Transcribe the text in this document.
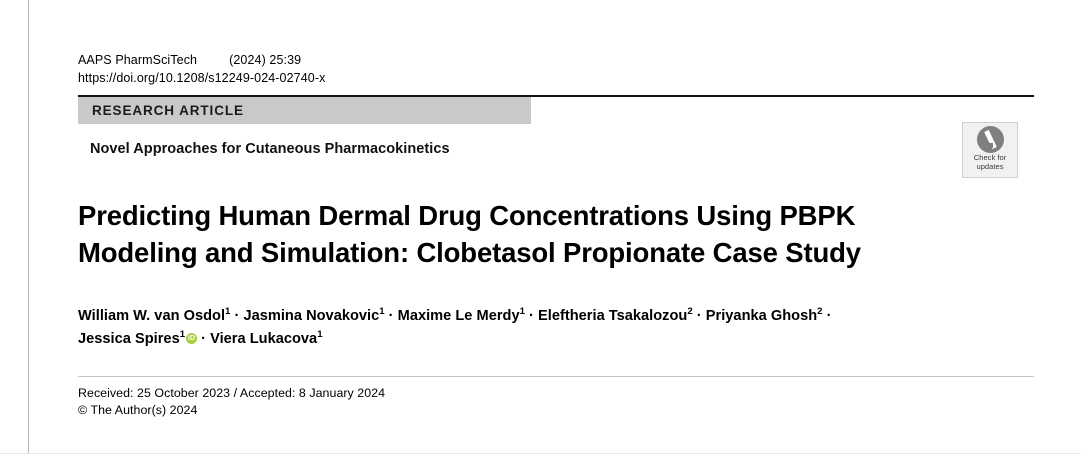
AAPS PharmSciTech	(2024) 25:39
https://doi.org/10.1208/s12249-024-02740-x
RESEARCH ARTICLE
Novel Approaches for Cutaneous Pharmacokinetics
Predicting Human Dermal Drug Concentrations Using PBPK Modeling and Simulation: Clobetasol Propionate Case Study
William W. van Osdol$^1$ · Jasmina Novakovic$^1$ · Maxime Le Merdy$^1$ · Eleftheria Tsakalozou$^2$ · Priyanka Ghosh$^2$ ·
Jessica Spires$^1$iD · Viera Lukacova$^1$
Received: 25 October 2023 / Accepted: 8 January 2024
© The Author(s) 2024
Check for
updates
